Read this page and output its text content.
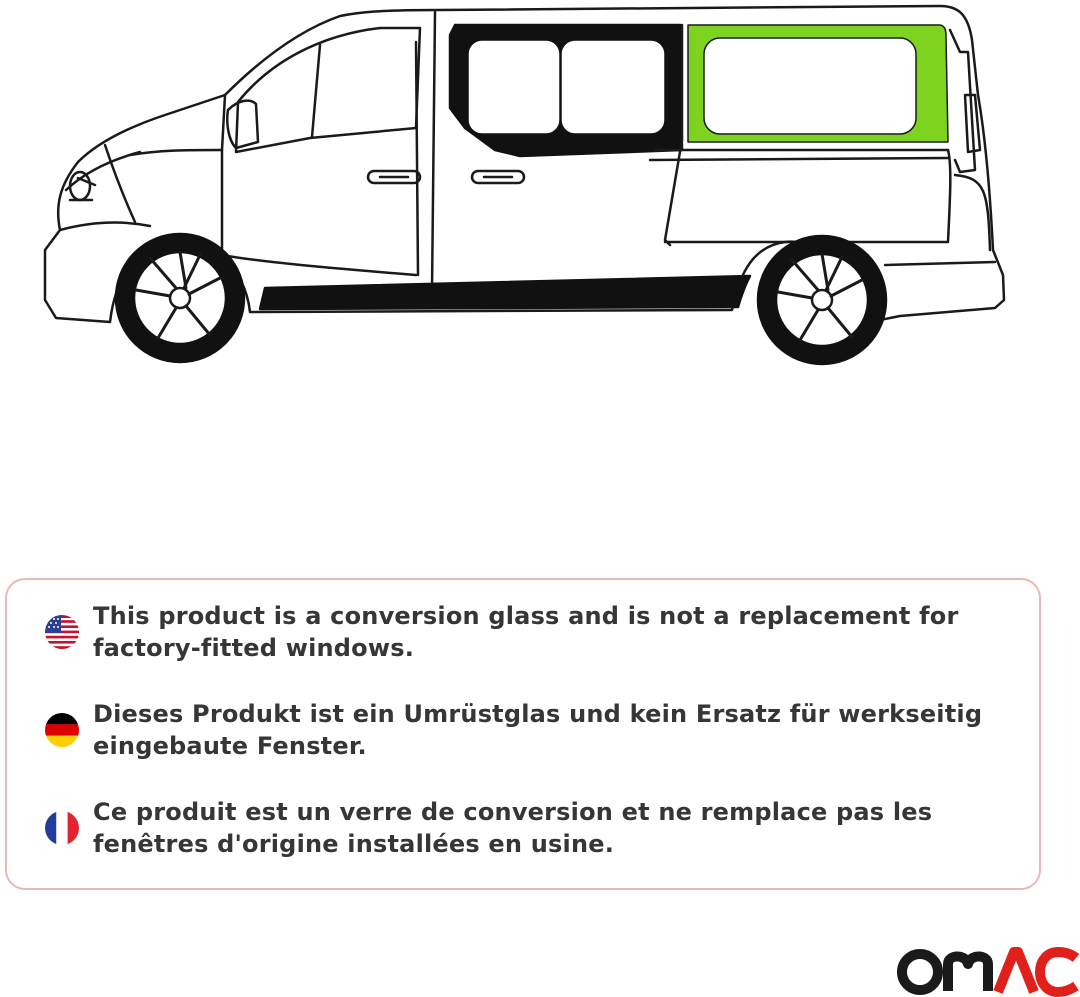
This product is a conversion glass and is not a replacement for factory-fitted windows.

Dieses Produkt ist ein Umrüstglas und kein Ersatz für werkseitig eingebaute Fenster.

Ce produit est un verre de conversion et ne remplace pas les fenêtres d'origine installées en usine.
